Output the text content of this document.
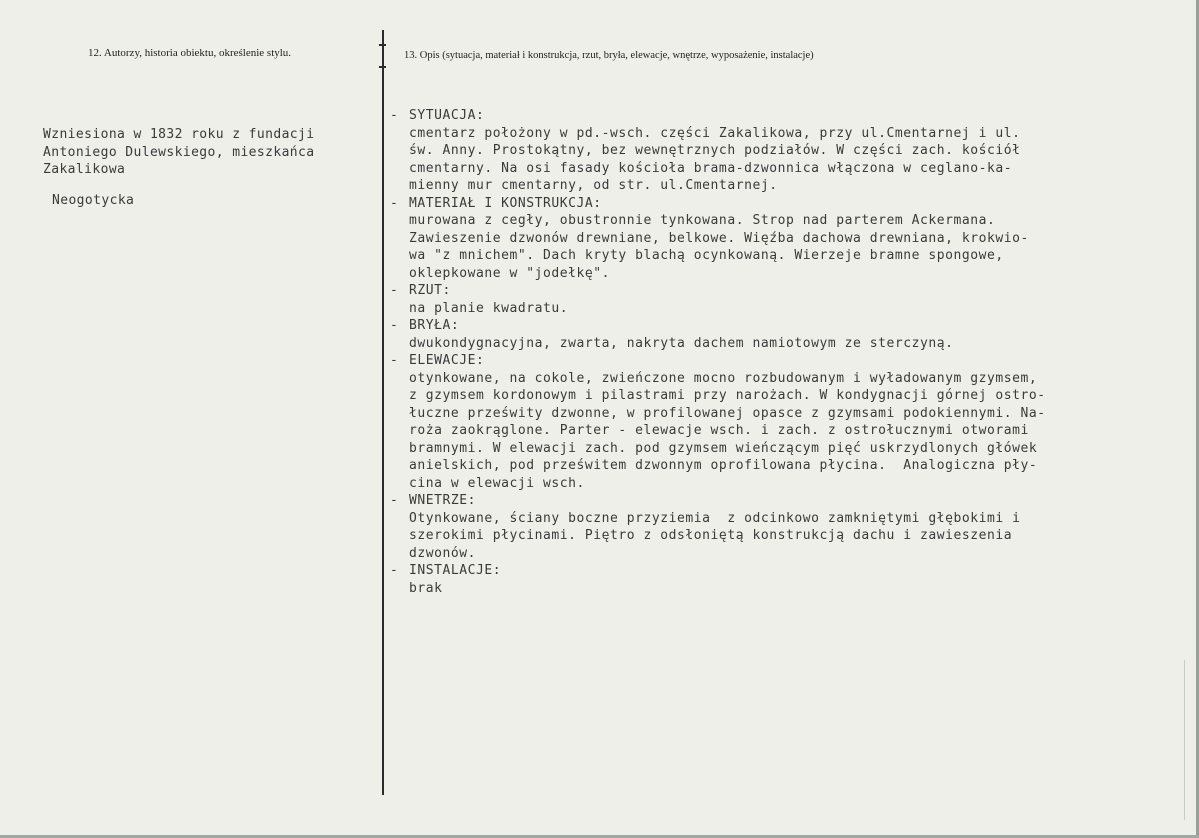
12. Autorzy, historia obiektu, określenie stylu.	13. Opis (sytuacja, materiał i konstrukcja, rzut, bryła, elewacje, wnętrze, wyposażenie, instalacje)
Wzniesiona w 1832 roku z fundacji
Antoniego Dulewskiego, mieszkańca
Zakalikowa
Neogotycka
- SYTUACJA:
cmentarz położony w pd.-wsch. części Zakalikowa, przy ul.Cmentarnej i ul.
św. Anny. Prostokątny, bez wewnętrznych podziałów. W części zach. kościół
cmentarny. Na osi fasady kościoła brama-dzwonnica włączona w ceglano-ka-
mienny mur cmentarny, od str. ul.Cmentarnej.
- MATERIAŁ I KONSTRUKCJA:
murowana z cegły, obustronnie tynkowana. Strop nad parterem Ackermana.
Zawieszenie dzwonów drewniane, belkowe. Więźba dachowa drewniana, krokwio-
wa "z mnichem". Dach kryty blachą ocynkowaną. Wierzeje bramne spongowe,
oklepkowane w "jodełkę".
- RZUT:
na planie kwadratu.
- BRYŁA:
dwukondygnacyjna, zwarta, nakryta dachem namiotowym ze sterczyną.
- ELEWACJE:
otynkowane, na cokole, zwieńczone mocno rozbudowanym i wyładowanym gzymsem,
z gzymsem kordonowym i pilastrami przy narożach. W kondygnacji górnej ostro-
łuczne prześwity dzwonne, w profilowanej opasce z gzymsami podokiennymi. Na-
roża zaokrąglone. Parter - elewacje wsch. i zach. z ostrołucznymi otworami
bramnymi. W elewacji zach. pod gzymsem wieńczącym pięć uskrzydlonych główek
anielskich, pod prześwitem dzwonnym oprofilowana płycina.  Analogiczna pły-
cina w elewacji wsch.
- WNETRZE:
Otynkowane, ściany boczne przyziemia  z odcinkowo zamkniętymi głębokimi i
szerokimi płycinami. Piętro z odsłoniętą konstrukcją dachu i zawieszenia
dzwonów.
- INSTALACJE:
brak
